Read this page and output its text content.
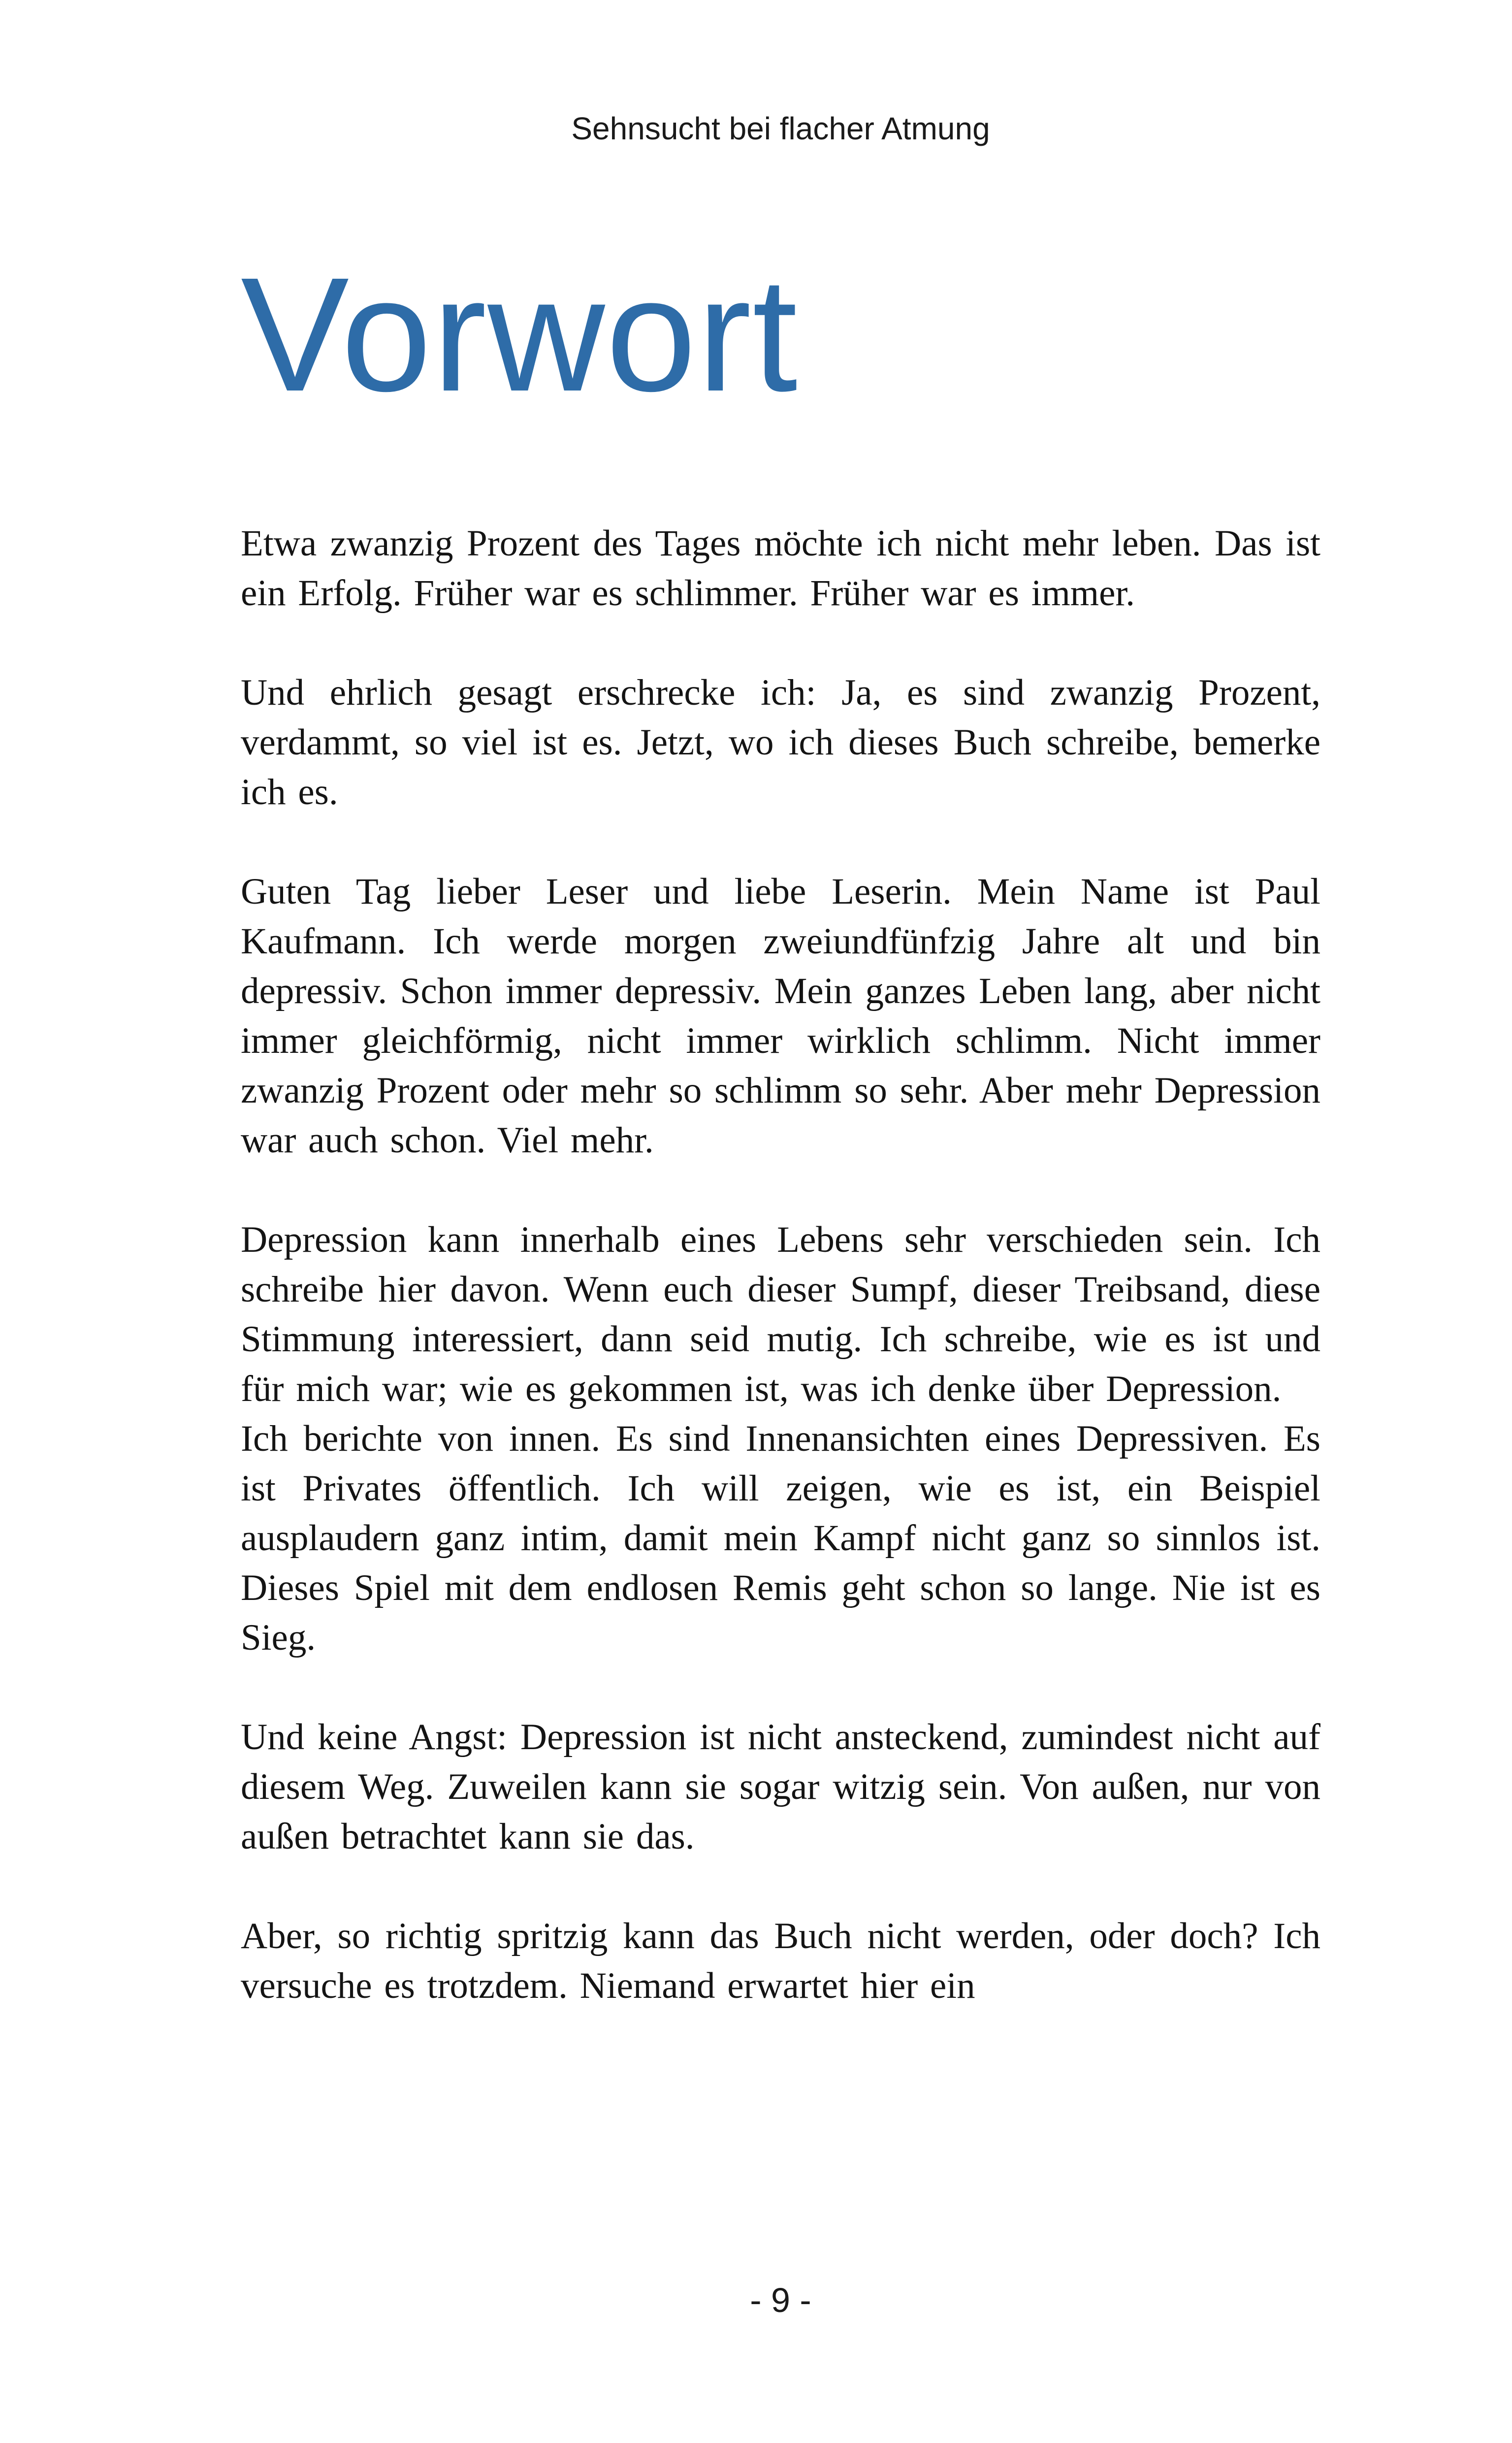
Sehnsucht bei flacher Atmung
Vorwort

Etwa zwanzig Prozent des Tages möchte ich nicht mehr leben. Das ist ein Erfolg. Früher war es schlimmer. Früher war es immer.

Und ehrlich gesagt erschrecke ich: Ja, es sind zwanzig Prozent, verdammt, so viel ist es. Jetzt, wo ich dieses Buch schreibe, bemerke ich es.

Guten Tag lieber Leser und liebe Leserin. Mein Name ist Paul Kaufmann. Ich werde morgen zweiundfünfzig Jahre alt und bin depressiv. Schon immer depressiv. Mein ganzes Leben lang, aber nicht immer gleichförmig, nicht immer wirklich schlimm. Nicht immer zwanzig Prozent oder mehr so schlimm so sehr. Aber mehr Depression war auch schon. Viel mehr.

Depression kann innerhalb eines Lebens sehr verschieden sein. Ich schreibe hier davon. Wenn euch dieser Sumpf, dieser Treibsand, diese Stimmung interessiert, dann seid mutig. Ich schreibe, wie es ist und für mich war; wie es gekommen ist, was ich denke über Depression.

Ich berichte von innen. Es sind Innenansichten eines Depressiven. Es ist Privates öffentlich. Ich will zeigen, wie es ist, ein Beispiel ausplaudern ganz intim, damit mein Kampf nicht ganz so sinnlos ist. Dieses Spiel mit dem endlosen Remis geht schon so lange. Nie ist es Sieg.

Und keine Angst: Depression ist nicht ansteckend, zumindest nicht auf diesem Weg. Zuweilen kann sie sogar witzig sein. Von außen, nur von außen betrachtet kann sie das.

Aber, so richtig spritzig kann das Buch nicht werden, oder doch? Ich versuche es trotzdem. Niemand erwartet hier ein

- 9 -
